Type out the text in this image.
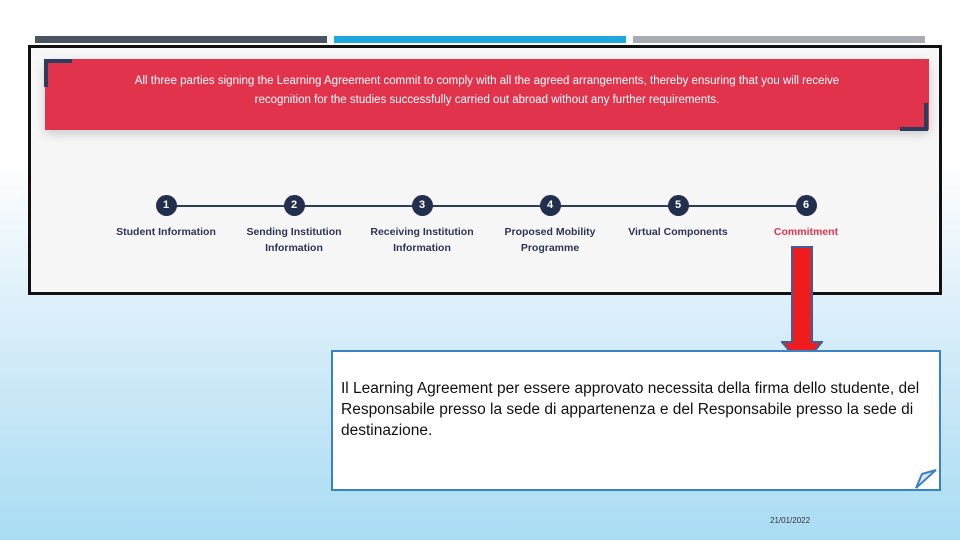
All three parties signing the Learning Agreement commit to comply with all the agreed arrangements, thereby ensuring that you will receive
recognition for the studies successfully carried out abroad without any further requirements.
1
Student Information
2
Sending Institution
Information
3
Receiving Institution
Information
4
Proposed Mobility
Programme
5
Virtual Components
6
Commitment
Il Learning Agreement per essere approvato necessita della firma dello studente, del Responsabile presso la sede di appartenenza e del Responsabile presso la sede di destinazione.
21/01/2022
